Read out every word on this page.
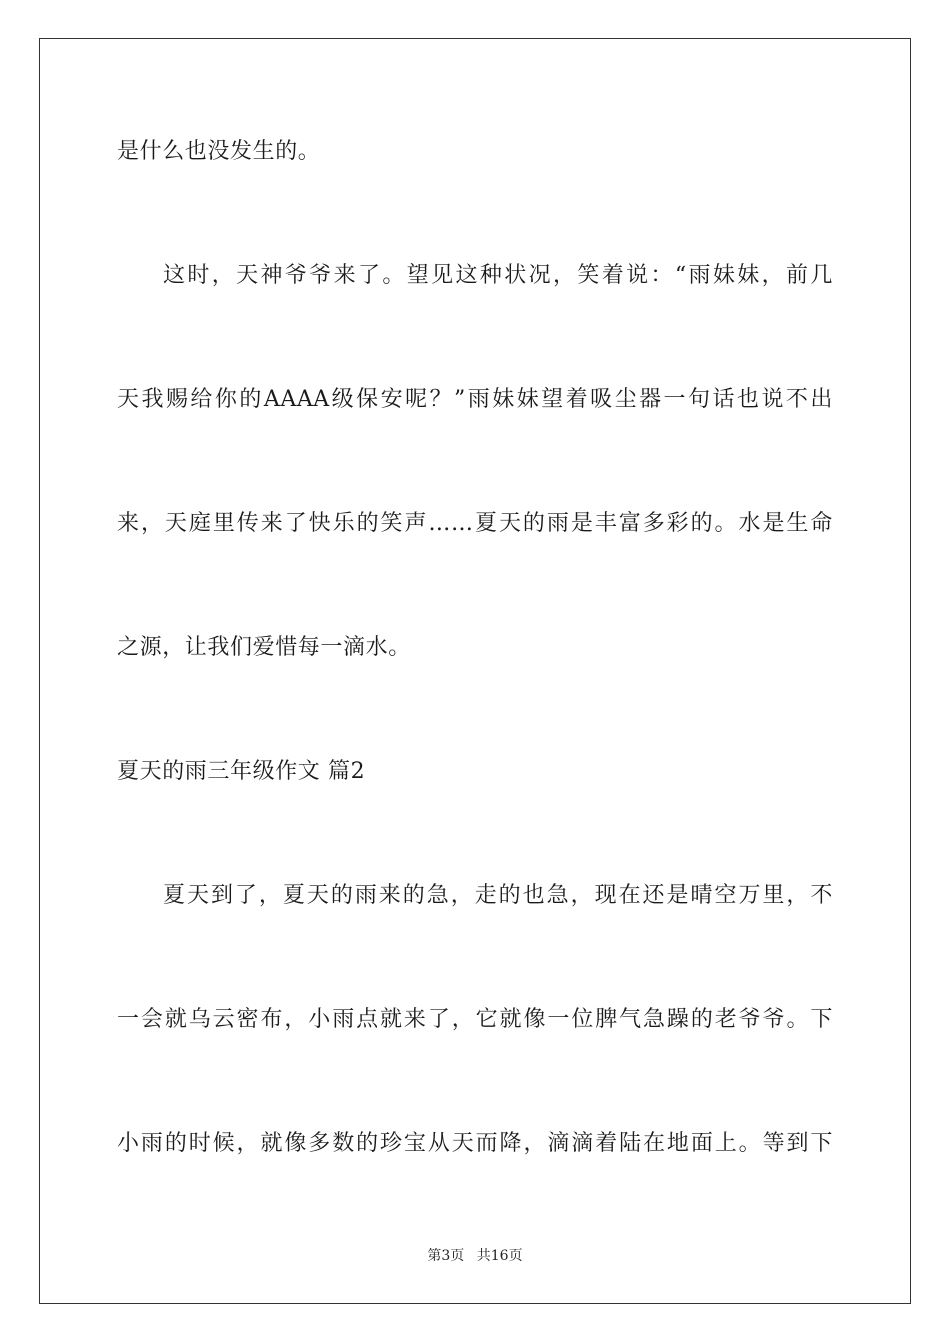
是什么也没发生的。
这时，天神爷爷来了。望见这种状况，笑着说：“雨妹妹，前几
天我赐给你的AAAA级保安呢？”雨妹妹望着吸尘器一句话也说不出
来，天庭里传来了快乐的笑声……夏天的雨是丰富多彩的。水是生命
之源，让我们爱惜每一滴水。
夏天的雨三年级作文 篇2
夏天到了，夏天的雨来的急，走的也急，现在还是晴空万里，不
一会就乌云密布，小雨点就来了，它就像一位脾气急躁的老爷爷。下
小雨的时候，就像多数的珍宝从天而降，滴滴着陆在地面上。等到下
第3页 共16页
